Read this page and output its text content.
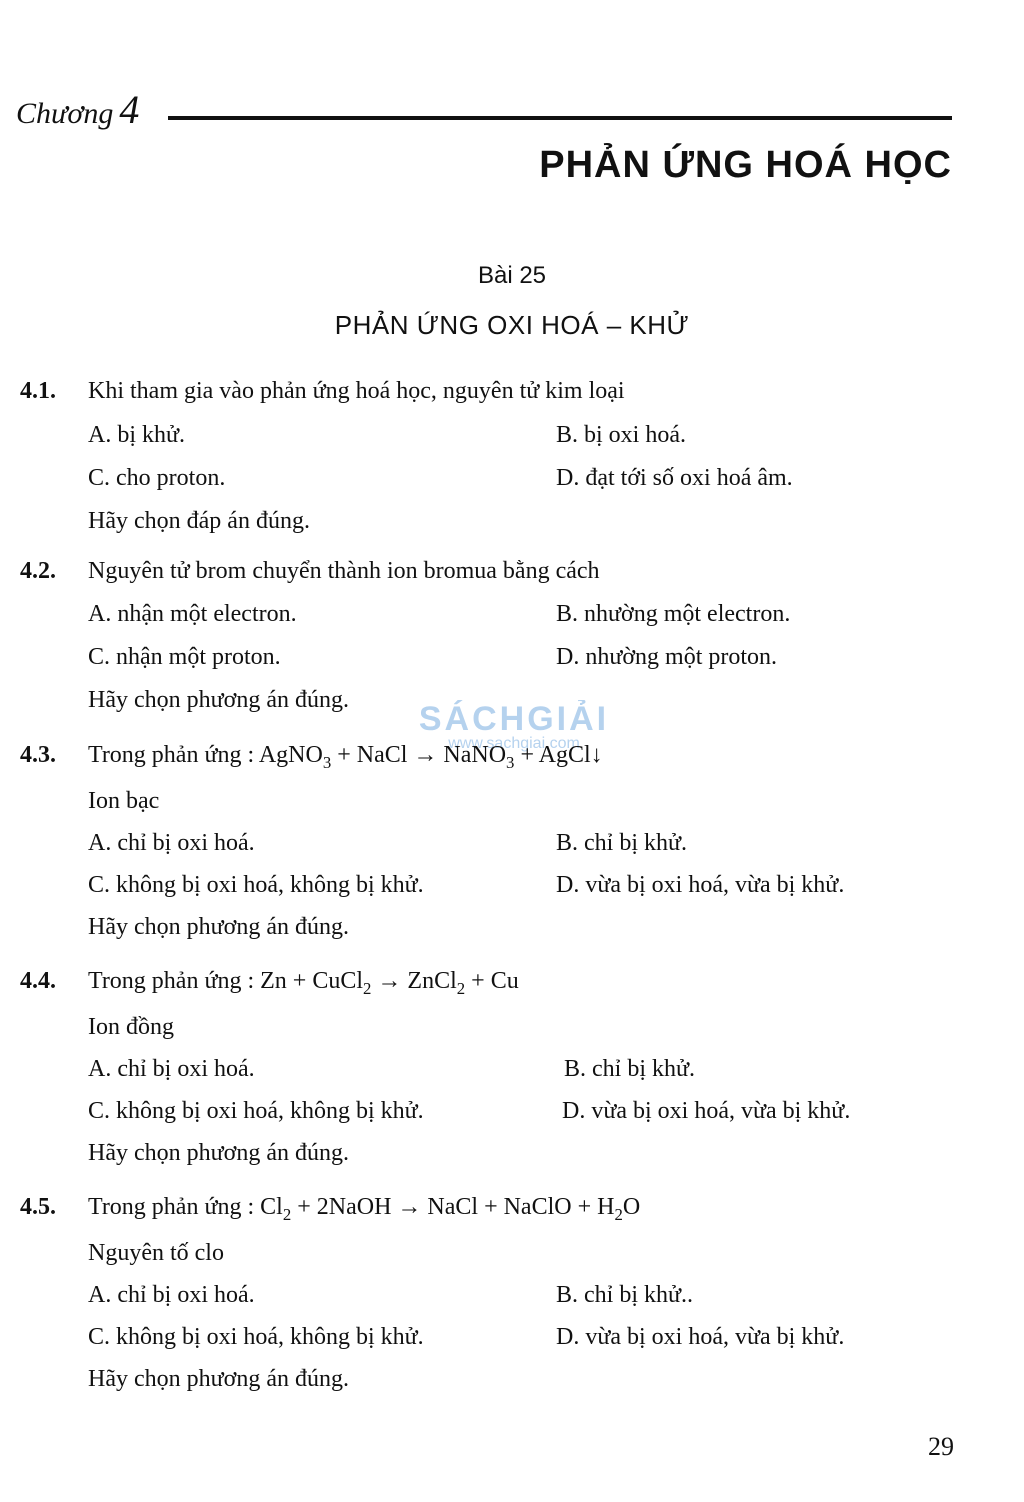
Chương 4
PHẢN ỨNG HOÁ HỌC
Bài 25
PHẢN ỨNG OXI HOÁ – KHỬ
SÁCHGIẢI
www.sachgiai.com
4.1. Khi tham gia vào phản ứng hoá học, nguyên tử kim loại
A. bị khử.	B. bị oxi hoá.
C. cho proton.	D. đạt tới số oxi hoá âm.
Hãy chọn đáp án đúng.
4.2. Nguyên tử brom chuyển thành ion bromua bằng cách
A. nhận một electron.	B. nhường một electron.
C. nhận một proton.	D. nhường một proton.
Hãy chọn phương án đúng.
4.3. Trong phản ứng : AgNO$_3$ + NaCl → NaNO$_3$ + AgCl↓
Ion bạc
A. chỉ bị oxi hoá.	B. chỉ bị khử.
C. không bị oxi hoá, không bị khử.	D. vừa bị oxi hoá, vừa bị khử.
Hãy chọn phương án đúng.
4.4. Trong phản ứng : Zn + CuCl$_2$ → ZnCl$_2$ + Cu
Ion đồng
A. chỉ bị oxi hoá.	B. chỉ bị khử.
C. không bị oxi hoá, không bị khử.	D. vừa bị oxi hoá, vừa bị khử.
Hãy chọn phương án đúng.
4.5. Trong phản ứng : $Cl_2$ + 2NaOH → NaCl + NaClO + $H_2O$
Nguyên tố clo
A. chỉ bị oxi hoá.	B. chỉ bị khử..
C. không bị oxi hoá, không bị khử.	D. vừa bị oxi hoá, vừa bị khử.
Hãy chọn phương án đúng.
29
